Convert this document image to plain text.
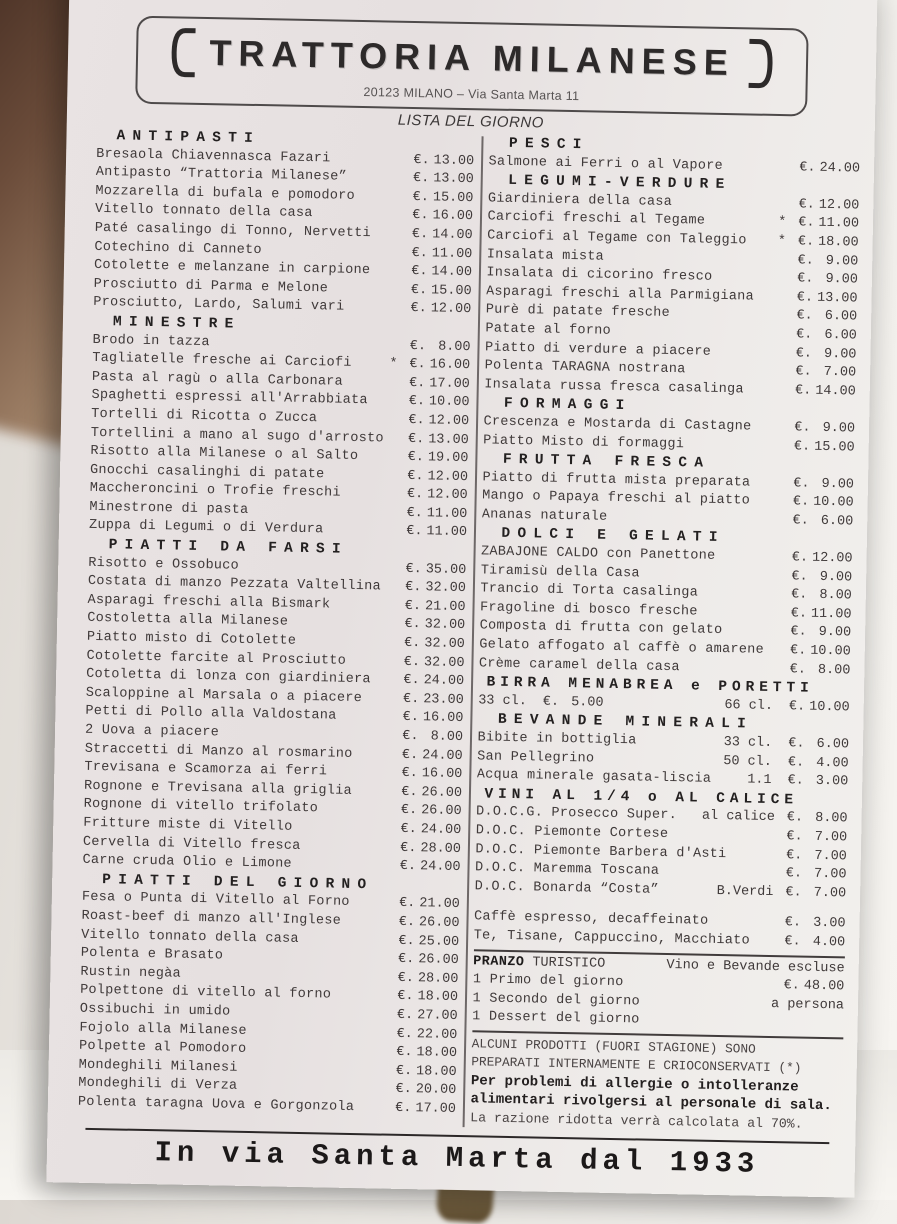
TRATTORIA MILANESE
20123 MILANO – Via Santa Marta 11
LISTA DEL GIORNO
ANTIPASTI
Bresaola Chiavennasca Fazari	€. 13.00
Antipasto “Trattoria Milanese”	€. 13.00
Mozzarella di bufala e pomodoro	€. 15.00
Vitello tonnato della casa	€. 16.00
Paté casalingo di Tonno, Nervetti	€. 14.00
Cotechino di Canneto	€. 11.00
Cotolette e melanzane in carpione	€. 14.00
Prosciutto di Parma e Melone	€. 15.00
Prosciutto, Lardo, Salumi vari	€. 12.00
MINESTRE
Brodo in tazza	€. 8.00
Tagliatelle fresche ai Carciofi	* €. 16.00
Pasta al ragù o alla Carbonara	€. 17.00
Spaghetti espressi all'Arrabbiata	€. 10.00
Tortelli di Ricotta o Zucca	€. 12.00
Tortellini a mano al sugo d'arrosto	€. 13.00
Risotto alla Milanese o al Salto	€. 19.00
Gnocchi casalinghi di patate	€. 12.00
Maccheroncini o Trofie freschi	€. 12.00
Minestrone di pasta	€. 11.00
Zuppa di Legumi o di Verdura	€. 11.00
PIATTI DA FARSI
Risotto e Ossobuco	€. 35.00
Costata di manzo Pezzata Valtellina	€. 32.00
Asparagi freschi alla Bismark	€. 21.00
Costoletta alla Milanese	€. 32.00
Piatto misto di Cotolette	€. 32.00
Cotolette farcite al Prosciutto	€. 32.00
Cotoletta di lonza con giardiniera	€. 24.00
Scaloppine al Marsala o a piacere	€. 23.00
Petti di Pollo alla Valdostana	€. 16.00
2 Uova a piacere	€. 8.00
Straccetti di Manzo al rosmarino	€. 24.00
Trevisana e Scamorza ai ferri	€. 16.00
Rognone e Trevisana alla griglia	€. 26.00
Rognone di vitello trifolato	€. 26.00
Fritture miste di Vitello	€. 24.00
Cervella di Vitello fresca	€. 28.00
Carne cruda Olio e Limone	€. 24.00
PIATTI DEL GIORNO
Fesa o Punta di Vitello al Forno	€. 21.00
Roast-beef di manzo all'Inglese	€. 26.00
Vitello tonnato della casa	€. 25.00
Polenta e Brasato	€. 26.00
Rustin negàa	€. 28.00
Polpettone di vitello al forno	€. 18.00
Ossibuchi in umido	€. 27.00
Fojolo alla Milanese	€. 22.00
Polpette al Pomodoro	€. 18.00
Mondeghili Milanesi	€. 18.00
Mondeghili di Verza	€. 20.00
Polenta taragna Uova e Gorgonzola	€. 17.00
PESCI
Salmone ai Ferri o al Vapore	€. 24.00
LEGUMI-VERDURE
Giardiniera della casa	€. 12.00
Carciofi freschi al Tegame	* €. 11.00
Carciofi al Tegame con Taleggio	* €. 18.00
Insalata mista	€. 9.00
Insalata di cicorino fresco	€. 9.00
Asparagi freschi alla Parmigiana	€. 13.00
Purè di patate fresche	€. 6.00
Patate al forno	€. 6.00
Piatto di verdure a piacere	€. 9.00
Polenta TARAGNA nostrana	€. 7.00
Insalata russa fresca casalinga	€. 14.00
FORMAGGI
Crescenza e Mostarda di Castagne	€. 9.00
Piatto Misto di formaggi	€. 15.00
FRUTTA FRESCA
Piatto di frutta mista preparata	€. 9.00
Mango o Papaya freschi al piatto	€. 10.00
Ananas naturale	€. 6.00
DOLCI E GELATI
ZABAJONE CALDO con Panettone	€. 12.00
Tiramisù della Casa	€. 9.00
Trancio di Torta casalinga	€. 8.00
Fragoline di bosco fresche	€. 11.00
Composta di frutta con gelato	€. 9.00
Gelato affogato al caffè o amarene	€. 10.00
Crème caramel della casa	€. 8.00
BIRRA MENABREA e PORETTI
33 cl. €. 5.00	66 cl. €. 10.00
BEVANDE MINERALI
Bibite in bottiglia	33 cl. €. 6.00
San Pellegrino	50 cl. €. 4.00
Acqua minerale gasata-liscia	1.1 €. 3.00
VINI AL 1/4 o AL CALICE
D.O.C.G. Prosecco Super.	al calice €. 8.00
D.O.C. Piemonte Cortese	€. 7.00
D.O.C. Piemonte Barbera d'Asti	€. 7.00
D.O.C. Maremma Toscana	€. 7.00
D.O.C. Bonarda “Costa”	B.Verdi €. 7.00
Caffè espresso, decaffeinato	€. 3.00
Te, Tisane, Cappuccino, Macchiato	€. 4.00
PRANZO TURISTICO	Vino e Bevande escluse
1 Primo del giorno	€. 48.00
1 Secondo del giorno	a persona
1 Dessert del giorno
ALCUNI PRODOTTI (FUORI STAGIONE) SONO
PREPARATI INTERNAMENTE E CRIOCONSERVATI (*)
Per problemi di allergie o intolleranze
alimentari rivolgersi al personale di sala.
La razione ridotta verrà calcolata al 70%.
In via Santa Marta dal 1933
